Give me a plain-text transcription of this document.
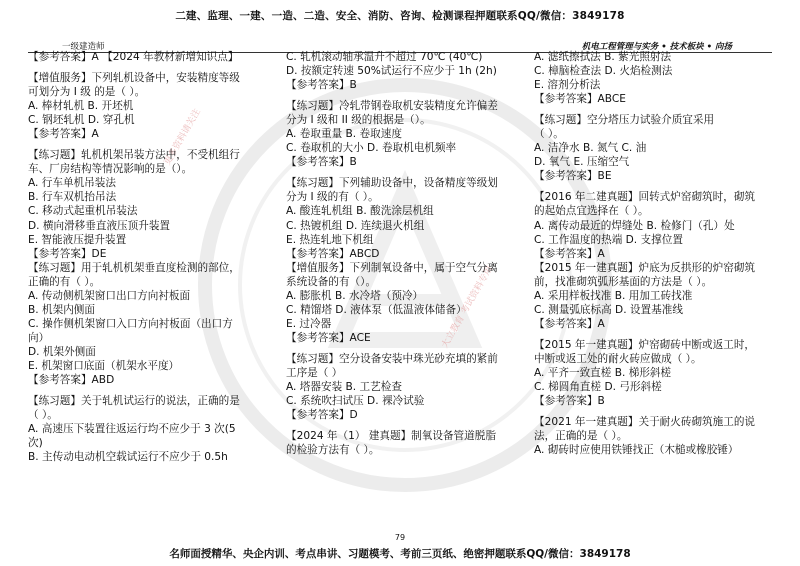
二建、监理、一建、一造、二造、安全、消防、咨询、检测课程押题联系QQ/微信：3849178
一级建造师	机电工程管理与实务 • 技术板块 • 向扬
大立教育 考试资料专用
更多资料请关注
【参考答案】A 【2024 年教材新增知识点】
【增值服务】下列轧机设备中，安装精度等级
可划分为 I 级 的是（ ）。
A. 棒材轧机 B. 开坯机
C. 钢坯轧机 D. 穿孔机
【参考答案】A
【练习题】轧机机架吊装方法中，不受机组行
车、厂房结构等情况影响的是（）。
A. 行车单机吊装法
B. 行车双机抬吊法
C. 移动式起重机吊装法
D. 横向滑移垂直液压顶升装置
E. 智能液压提升装置
【参考答案】DE
【练习题】用于轧机机架垂直度检测的部位，
正确的有（ ）。
A. 传动侧机架窗口出口方向衬板面
B. 机架内侧面
C. 操作侧机架窗口入口方向衬板面（出口方
向）
D. 机架外侧面
E. 机架窗口底面（机架水平度）
【参考答案】ABD
【练习题】关于轧机试运行的说法，正确的是
（ ）。
A. 高速压下装置往返运行均不应少于 3 次(5
次)
B. 主传动电动机空载试运行不应少于 0.5h
C. 轧机滚动轴承温升不超过 70℃ (40℃)
D. 按额定转速 50%试运行不应少于 1h (2h)
【参考答案】B
【练习题】冷轧带钢卷取机安装精度允许偏差
分为 I 级和 II 级的根据是（）。
A. 卷取重量 B. 卷取速度
C. 卷取机的大小 D. 卷取机电机频率
【参考答案】B
【练习题】下列辅助设备中，设备精度等级划
分为 I 级的有（ ）。
A. 酸连轧机组 B. 酸洗涂层机组
C. 热镀机组 D. 连续退火机组
E. 热连轧地下机组
【参考答案】ABCD
【增值服务】下列制氧设备中，属于空气分离
系统设备的有（）。
A. 膨胀机 B. 水冷塔（预冷）
C. 精馏塔 D. 液体泵（低温液体储备）
E. 过冷器
【参考答案】ACE
【练习题】空分设备安装中珠光砂充填的紧前
工序是（ ）
A. 塔器安装 B. 工艺检查
C. 系统吹扫试压 D. 裸冷试验
【参考答案】D
【2024 年（1） 建真题】制氧设备管道脱脂
的检验方法有（ ）。
A. 滤纸擦拭法 B. 紫光照射法
C. 樟脑检查法 D. 火焰检测法
E. 溶剂分析法
【参考答案】ABCE
【练习题】空分塔压力试验介质宜采用
（ ）。
A. 洁净水 B. 氮气 C. 油
D. 氧气 E. 压缩空气
【参考答案】BE
【2016 年二建真题】回转式炉窑砌筑时，砌筑
的起始点宜选择在（ ）。
A. 离传动最近的焊缝处 B. 检修门（孔）处
C. 工作温度的热端 D. 支撑位置
【参考答案】A
【2015 年一建真题】炉底为反拱形的炉窑砌筑
前，找准砌筑弧形基面的方法是（ ）。
A. 采用样板找准 B. 用加工砖找准
C. 测量弧底标高 D. 设置基准线
【参考答案】A
【2015 年一建真题】炉窑砌砖中断或返工时，
中断或返工处的耐火砖应做成（ ）。
A. 平齐一致直槎 B. 梯形斜槎
C. 梯圆角直槎 D. 弓形斜槎
【参考答案】B
【2021 年一建真题】关于耐火砖砌筑施工的说
法，正确的是（ ）。
A. 砌砖时应使用铁锤找正（木槌或橡胶锤）
79
名师面授精华、央企内训、考点串讲、习题模考、考前三页纸、绝密押题联系QQ/微信：3849178
